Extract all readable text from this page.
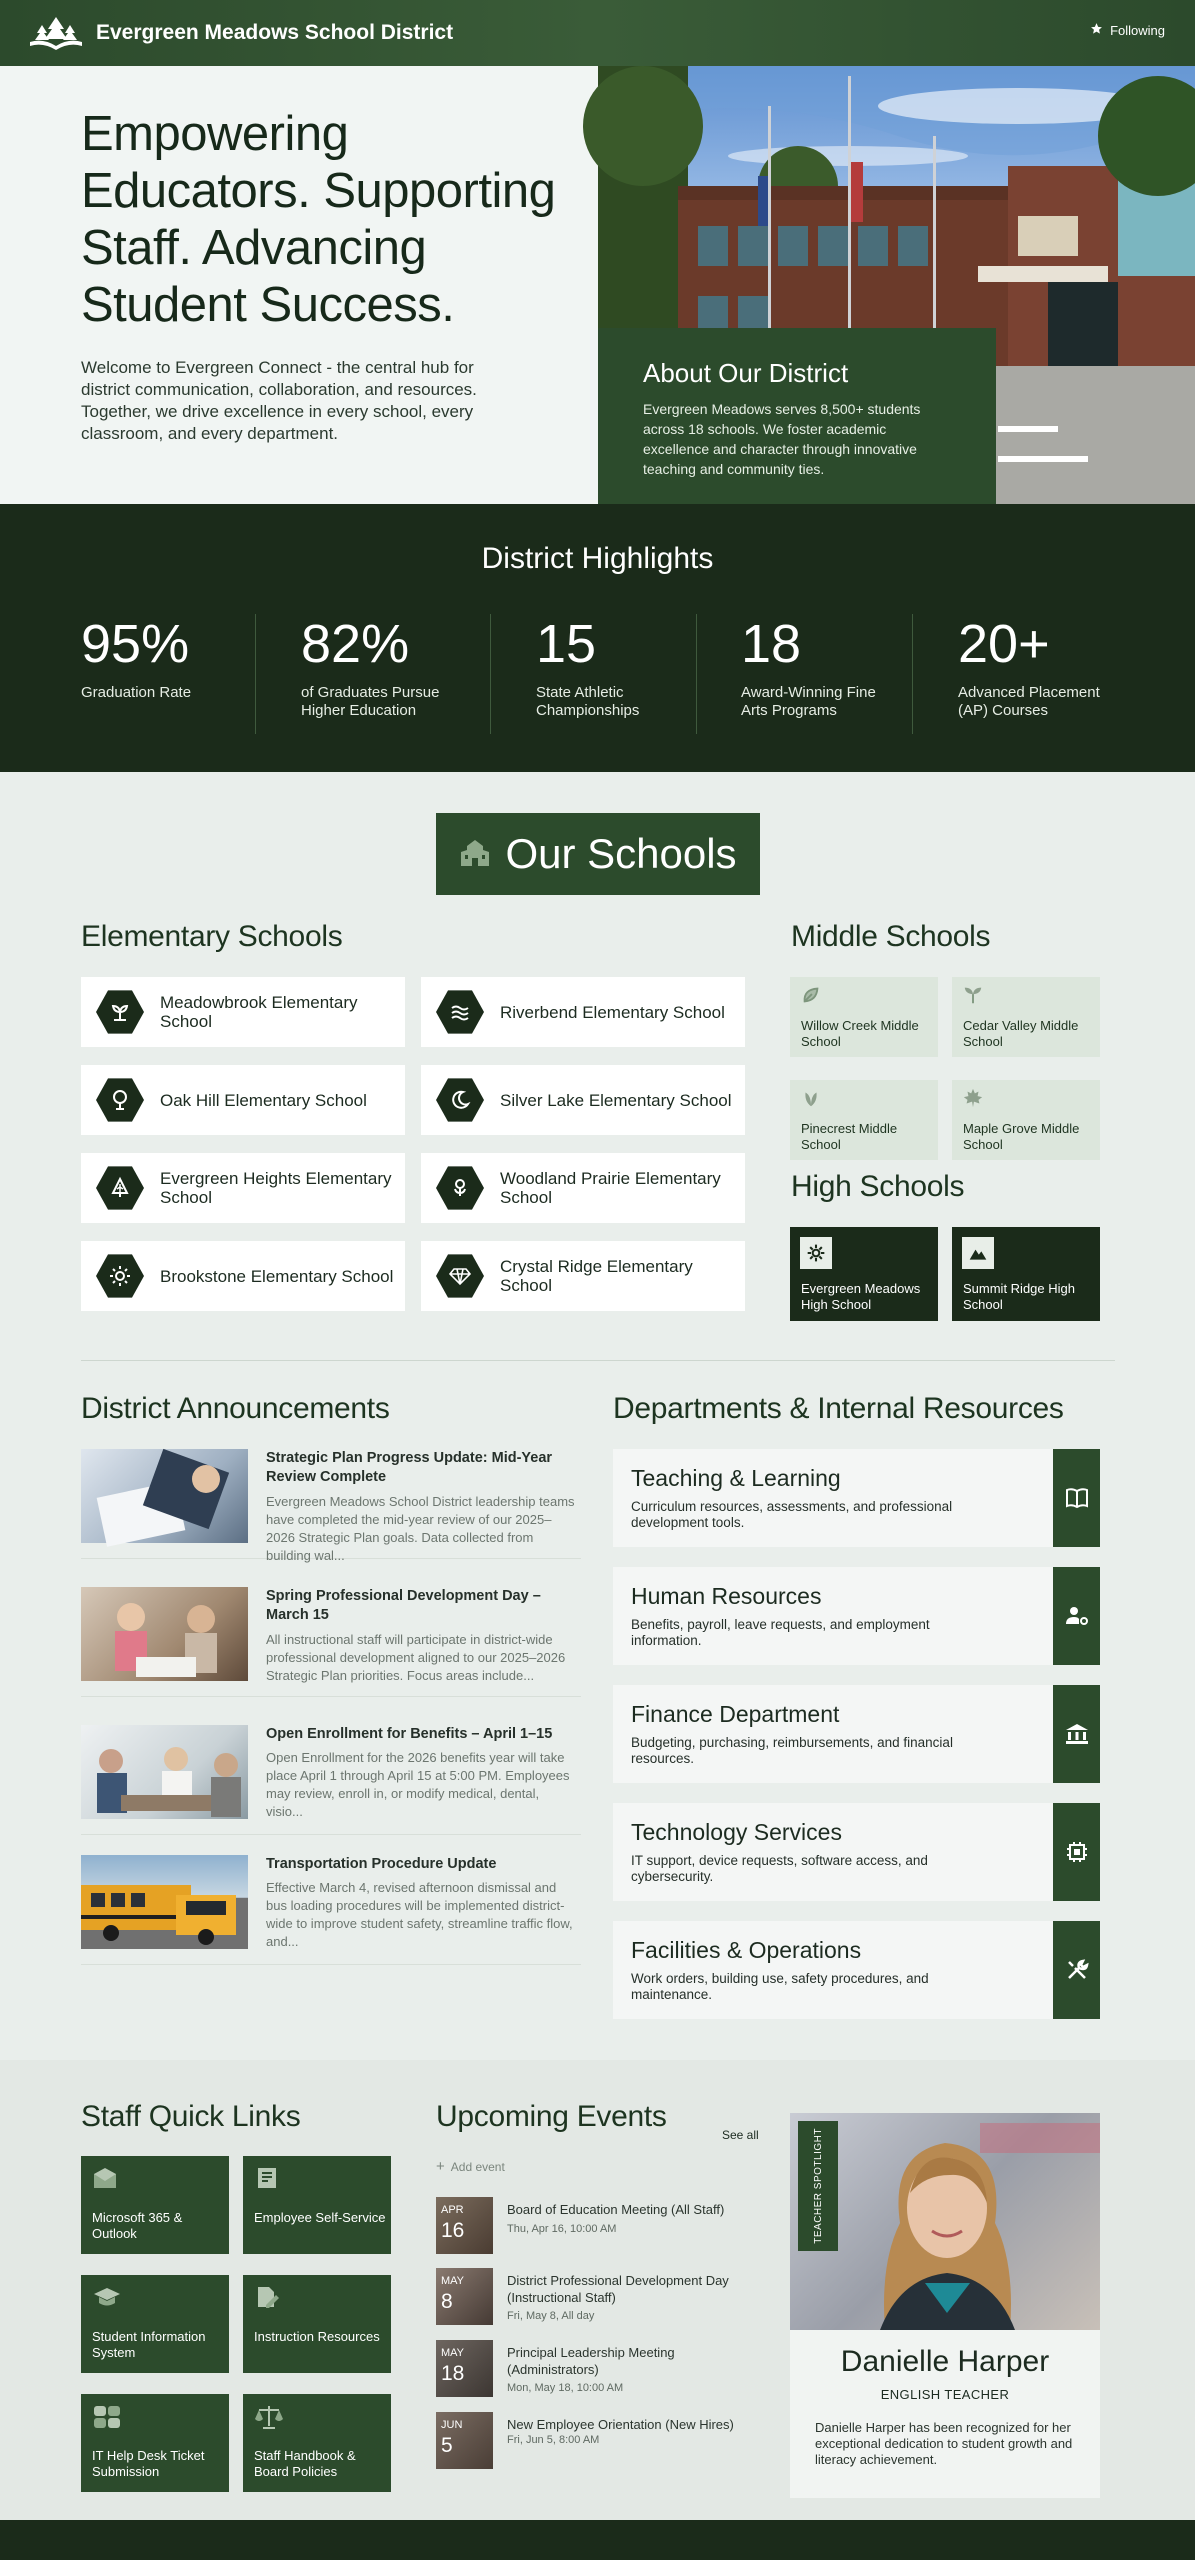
Evergreen Meadows School District	Following
Empowering Educators. Supporting Staff. Advancing Student Success.

Welcome to Evergreen Connect - the central hub for district communication, collaboration, and resources. Together, we drive excellence in every school, every classroom, and every department.

About Our District

Evergreen Meadows serves 8,500+ students across 18 schools. We foster academic excellence and character through innovative teaching and community ties.

District Highlights
95%
Graduation Rate
82%
of Graduates Pursue Higher Education
15
State Athletic Championships
18
Award-Winning Fine Arts Programs
20+
Advanced Placement (AP) Courses
Our Schools
Elementary Schools	Middle Schools
Meadowbrook Elementary School	Riverbend Elementary School
Oak Hill Elementary School	Silver Lake Elementary School
Evergreen Heights Elementary School
Woodland Prairie Elementary School
Brookstone Elementary School	Crystal Ridge Elementary School
Willow Creek Middle School
Cedar Valley Middle School
Pinecrest Middle School
Maple Grove Middle School
High Schools
Evergreen Meadows High School
Summit Ridge High School
District Announcements
Strategic Plan Progress Update: Mid-Year Review Complete
Evergreen Meadows School District leadership teams have completed the mid-year review of our 2025–2026 Strategic Plan goals. Data collected from building wal...
Spring Professional Development Day – March 15
All instructional staff will participate in district-wide professional development aligned to our 2025–2026 Strategic Plan priorities. Focus areas include...
Open Enrollment for Benefits – April 1–15
Open Enrollment for the 2026 benefits year will take place April 1 through April 15 at 5:00 PM. Employees may review, enroll in, or modify medical, dental, visio...
Transportation Procedure Update
Effective March 4, revised afternoon dismissal and bus loading procedures will be implemented district-wide to improve student safety, streamline traffic flow, and...
Departments & Internal Resources
Teaching & Learning
Curriculum resources, assessments, and professional development tools.
Human Resources
Benefits, payroll, leave requests, and employment information.
Finance Department
Budgeting, purchasing, reimbursements, and financial resources.
Technology Services
IT support, device requests, software access, and cybersecurity.
Facilities & Operations
Work orders, building use, safety procedures, and maintenance.
Staff Quick Links
Microsoft 365 & Outlook
Employee Self-Service
Student Information System
Instruction Resources
IT Help Desk Ticket Submission
Staff Handbook & Board Policies
Upcoming Events
See all
+ Add event
APR
16
Board of Education Meeting (All Staff)
Thu, Apr 16, 10:00 AM
MAY
8
District Professional Development Day (Instructional Staff)
Fri, May 8, All day
MAY
18
Principal Leadership Meeting (Administrators)
Mon, May 18, 10:00 AM
JUN
5
New Employee Orientation (New Hires)
Fri, Jun 5, 8:00 AM
TEACHER SPOTLIGHT
Danielle Harper
ENGLISH TEACHER
Danielle Harper has been recognized for her exceptional dedication to student growth and literacy achievement.
